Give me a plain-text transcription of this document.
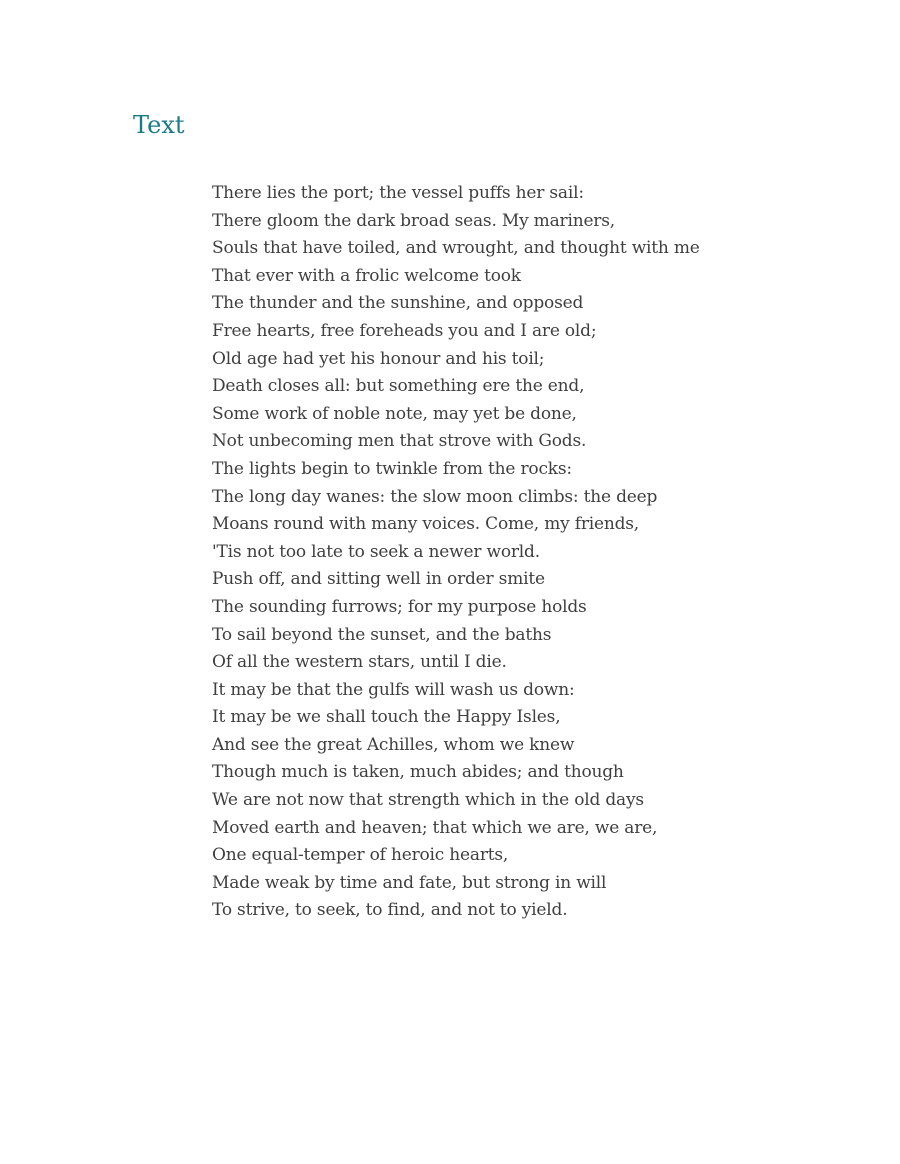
Text
There lies the port; the vessel puffs her sail:
There gloom the dark broad seas. My mariners,
Souls that have toiled, and wrought, and thought with me
That ever with a frolic welcome took
The thunder and the sunshine, and opposed
Free hearts, free foreheads you and I are old;
Old age had yet his honour and his toil;
Death closes all: but something ere the end,
Some work of noble note, may yet be done,
Not unbecoming men that strove with Gods.
The lights begin to twinkle from the rocks:
The long day wanes: the slow moon climbs: the deep
Moans round with many voices. Come, my friends,
'Tis not too late to seek a newer world.
Push off, and sitting well in order smite
The sounding furrows; for my purpose holds
To sail beyond the sunset, and the baths
Of all the western stars, until I die.
It may be that the gulfs will wash us down:
It may be we shall touch the Happy Isles,
And see the great Achilles, whom we knew
Though much is taken, much abides; and though
We are not now that strength which in the old days
Moved earth and heaven; that which we are, we are,
One equal-temper of heroic hearts,
Made weak by time and fate, but strong in will
To strive, to seek, to find, and not to yield.
